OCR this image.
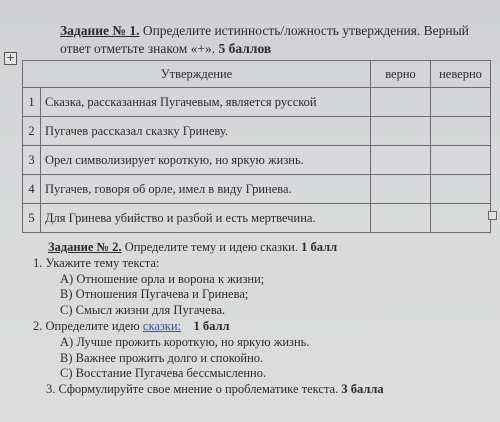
Задание № 1. Определите истинность/ложность утверждения. Верный
ответ отметьте знаком «+». 5 баллов
+
Утверждение		верно	неверно
1	Сказка, рассказанная Пугачевым, является русской		
2	Пугачев рассказал сказку Гриневу.		
3	Орел символизирует короткую, но яркую жизнь.		
4	Пугачев, говоря об орле, имел в виду Гринева.		
5	Для Гринева убийство и разбой и есть мертвечина.		
Задание № 2. Определите тему и идею сказки. 1 балл
1. Укажите тему текста:
А) Отношение орла и ворона к жизни;
В) Отношения Пугачева и Гринева;
С) Смысл жизни для Пугачева.
2. Определите идею сказки: 1 балл
А) Лучше прожить короткую, но яркую жизнь.
В) Важнее прожить долго и спокойно.
С) Восстание Пугачева бессмысленно.
3. Сформулируйте свое мнение о проблематике текста. 3 балла
